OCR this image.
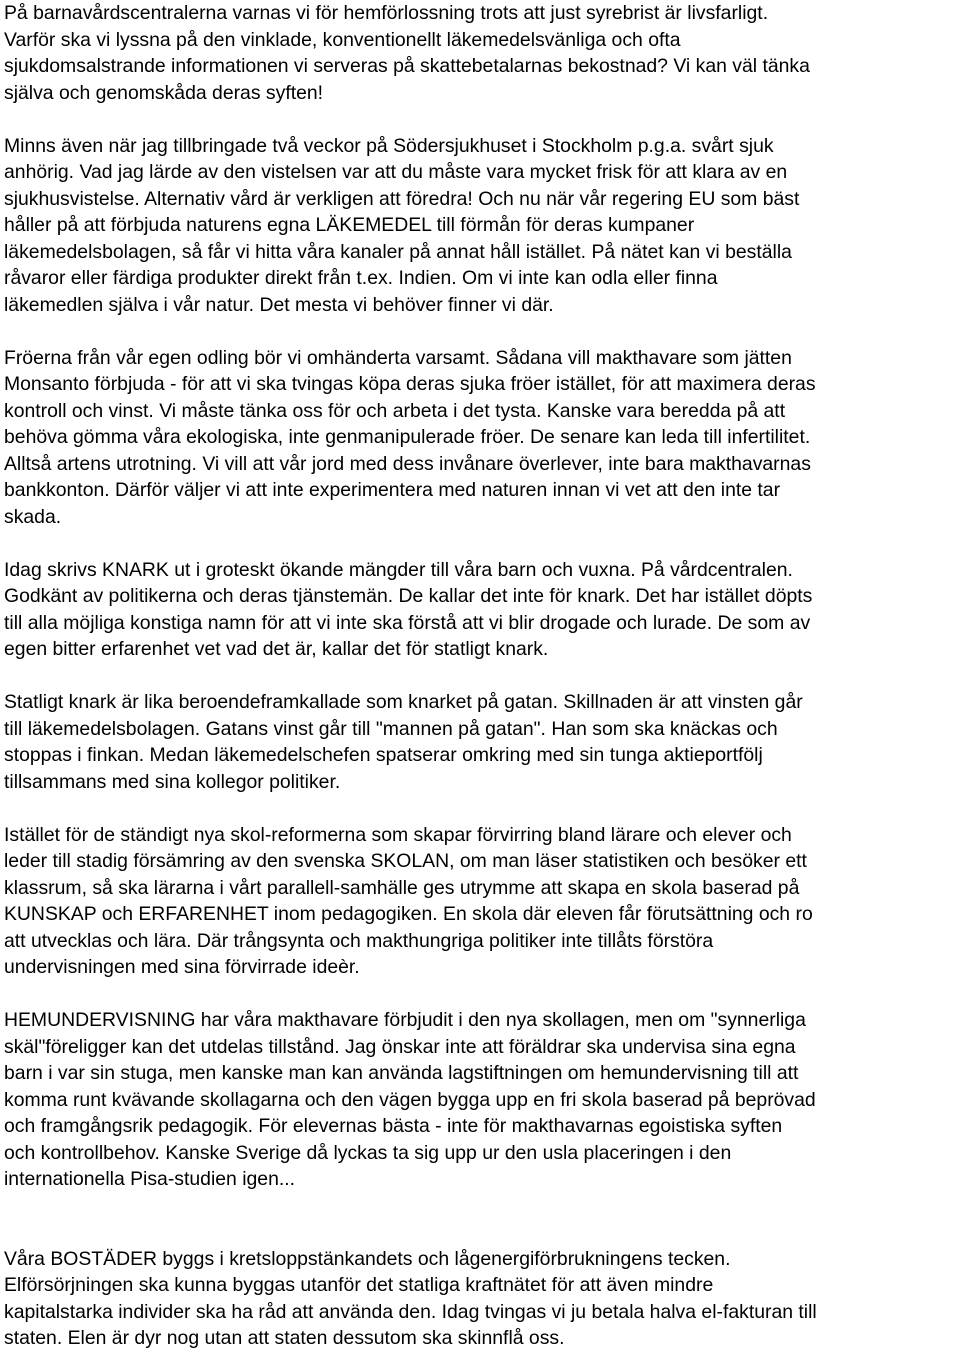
På barnavårdscentralerna varnas vi för hemförlossning trots att just syrebrist är livsfarligt.
Varför ska vi lyssna på den vinklade, konventionellt läkemedelsvänliga och ofta
sjukdomsalstrande informationen vi serveras på skattebetalarnas bekostnad? Vi kan väl tänka
själva och genomskåda deras syften!
Minns även när jag tillbringade två veckor på Södersjukhuset i Stockholm p.g.a. svårt sjuk
anhörig. Vad jag lärde av den vistelsen var att du måste vara mycket frisk för att klara av en
sjukhusvistelse. Alternativ vård är verkligen att föredra! Och nu när vår regering EU som bäst
håller på att förbjuda naturens egna LÄKEMEDEL till förmån för deras kumpaner
läkemedelsbolagen, så får vi hitta våra kanaler på annat håll istället. På nätet kan vi beställa
råvaror eller färdiga produkter direkt från t.ex. Indien. Om vi inte kan odla eller finna
läkemedlen själva i vår natur. Det mesta vi behöver finner vi där.
Fröerna från vår egen odling bör vi omhänderta varsamt. Sådana vill makthavare som jätten
Monsanto förbjuda - för att vi ska tvingas köpa deras sjuka fröer istället, för att maximera deras
kontroll och vinst. Vi måste tänka oss för och arbeta i det tysta. Kanske vara beredda på att
behöva gömma våra ekologiska, inte genmanipulerade fröer. De senare kan leda till infertilitet.
Alltså artens utrotning. Vi vill att vår jord med dess invånare överlever, inte bara makthavarnas
bankkonton. Därför väljer vi att inte experimentera med naturen innan vi vet att den inte tar
skada.
Idag skrivs KNARK ut i groteskt ökande mängder till våra barn och vuxna. På vårdcentralen.
Godkänt av politikerna och deras tjänstemän. De kallar det inte för knark. Det har istället döpts
till alla möjliga konstiga namn för att vi inte ska förstå att vi blir drogade och lurade. De som av
egen bitter erfarenhet vet vad det är, kallar det för statligt knark.
Statligt knark är lika beroendeframkallade som knarket på gatan. Skillnaden är att vinsten går
till läkemedelsbolagen. Gatans vinst går till "mannen på gatan". Han som ska knäckas och
stoppas i finkan. Medan läkemedelschefen spatserar omkring med sin tunga aktieportfölj
tillsammans med sina kollegor politiker.
Istället för de ständigt nya skol-reformerna som skapar förvirring bland lärare och elever och
leder till stadig försämring av den svenska SKOLAN, om man läser statistiken och besöker ett
klassrum, så ska lärarna i vårt parallell-samhälle ges utrymme att skapa en skola baserad på
KUNSKAP och ERFARENHET inom pedagogiken. En skola där eleven får förutsättning och ro
att utvecklas och lära. Där trångsynta och makthungriga politiker inte tillåts förstöra
undervisningen med sina förvirrade ideèr.
HEMUNDERVISNING har våra makthavare förbjudit i den nya skollagen, men om "synnerliga
skäl"föreligger kan det utdelas tillstånd. Jag önskar inte att föräldrar ska undervisa sina egna
barn i var sin stuga, men kanske man kan använda lagstiftningen om hemundervisning till att
komma runt kvävande skollagarna och den vägen bygga upp en fri skola baserad på beprövad
och framgångsrik pedagogik. För elevernas bästa - inte för makthavarnas egoistiska syften
och kontrollbehov. Kanske Sverige då lyckas ta sig upp ur den usla placeringen i den
internationella Pisa-studien igen...
Våra BOSTÄDER byggs i kretsloppstänkandets och lågenergiförbrukningens tecken.
Elförsörjningen ska kunna byggas utanför det statliga kraftnätet för att även mindre
kapitalstarka individer ska ha råd att använda den. Idag tvingas vi ju betala halva el-fakturan till
staten. Elen är dyr nog utan att staten dessutom ska skinnflå oss.
